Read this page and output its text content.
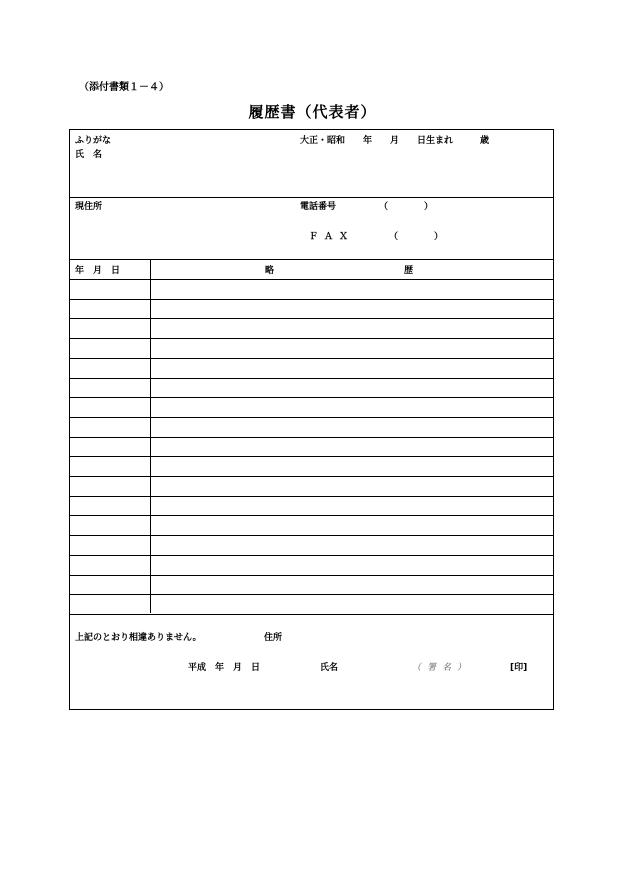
（添付書類１－４）
履歴書（代表者）
ふりがな
氏　名
大正・昭和　　年　　月　　日生まれ　　　歳
現住所	電話番号	（　　　　）
ＦＡＸ	（　　　　）
年　月　日	略	歴
上記のとおり相違ありません。	住所
平成　年　月　日	氏名	（署名）	[印]
